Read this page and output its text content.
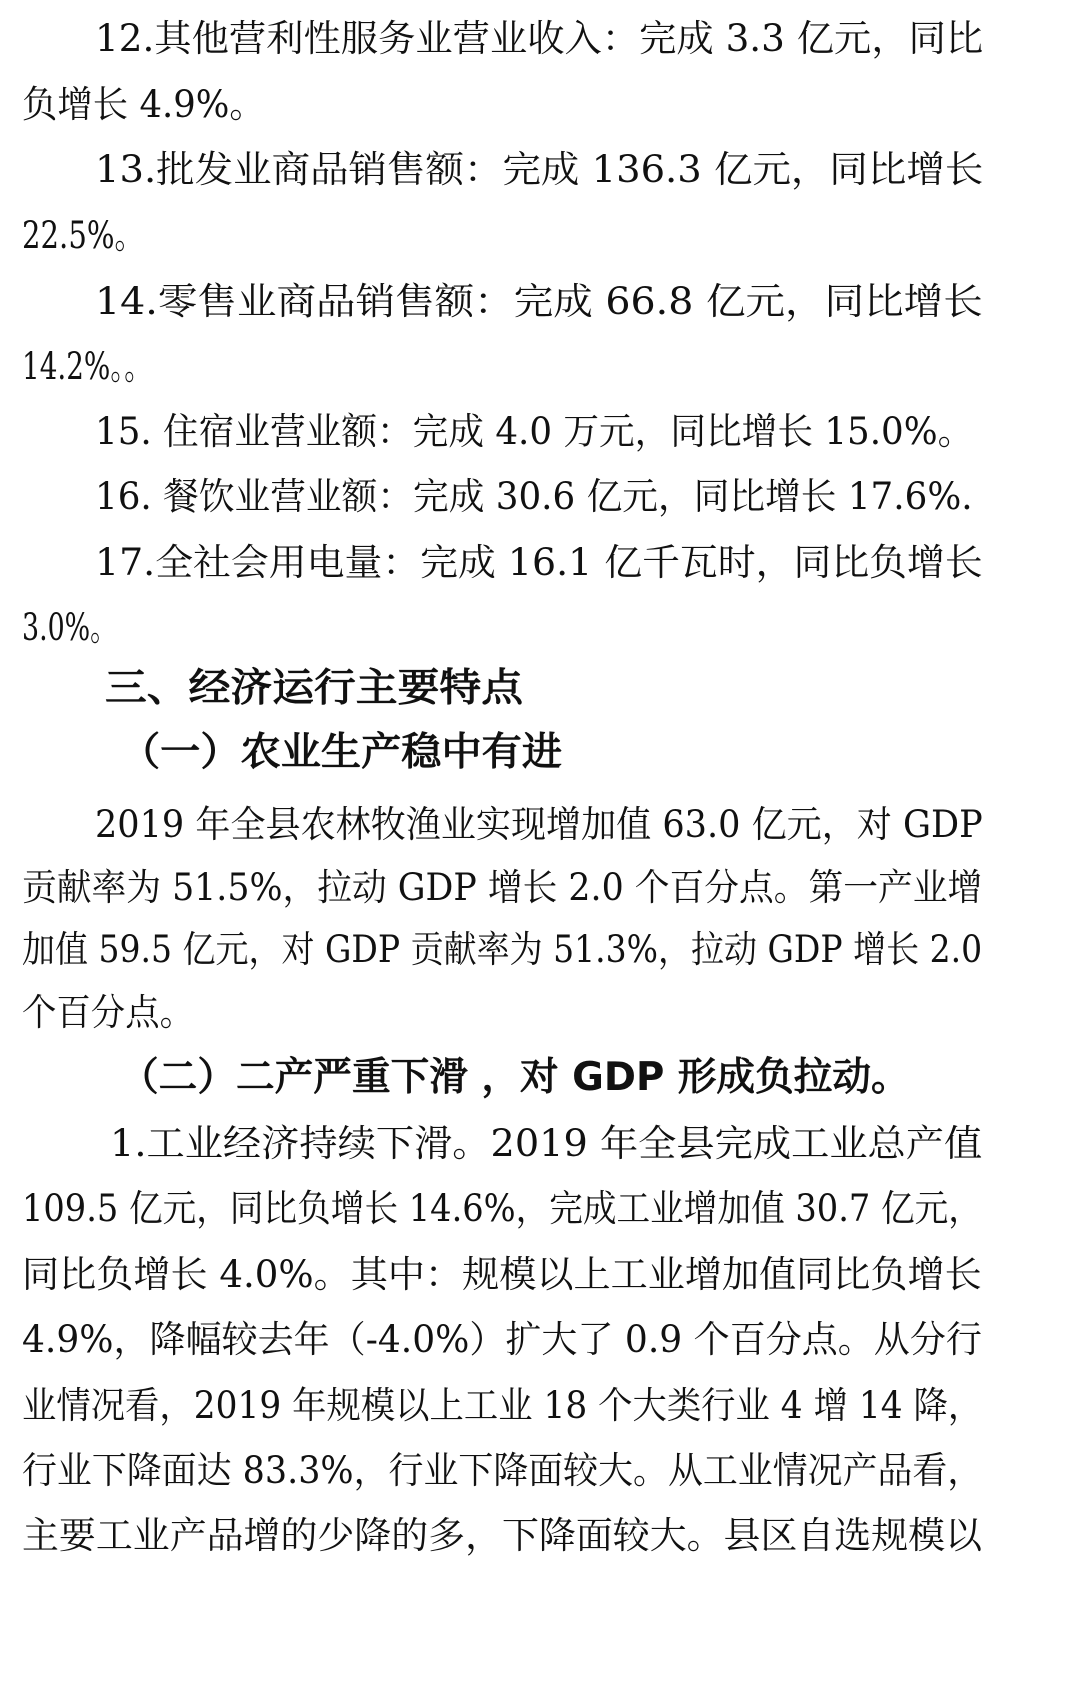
12.其他营利性服务业营业收入：完成 3.3 亿元，同比
负增长 4.9%。
13.批发业商品销售额：完成 136.3 亿元，同比增长
22.5%。
14.零售业商品销售额：完成 66.8 亿元，同比增长
14.2%。。
15. 住宿业营业额：完成 4.0 万元，同比增长 15.0%。
16. 餐饮业营业额：完成 30.6 亿元，同比增长 17.6%.
17.全社会用电量：完成 16.1 亿千瓦时，同比负增长
3.0%。
三、经济运行主要特点
（一）农业生产稳中有进
2019 年全县农林牧渔业实现增加值 63.0 亿元，对 GDP
贡献率为 51.5%，拉动 GDP 增长 2.0 个百分点。第一产业增
加值 59.5 亿元，对 GDP 贡献率为 51.3%，拉动 GDP 增长 2.0
个百分点。
（二）二产严重下滑 ，对 GDP 形成负拉动。
1.工业经济持续下滑。2019 年全县完成工业总产值
109.5 亿元，同比负增长 14.6%，完成工业增加值 30.7 亿元，
同比负增长 4.0%。其中：规模以上工业增加值同比负增长
4.9%，降幅较去年（-4.0%）扩大了 0.9 个百分点。从分行
业情况看，2019 年规模以上工业 18 个大类行业 4 增 14 降，
行业下降面达 83.3%，行业下降面较大。从工业情况产品看，
主要工业产品增的少降的多，下降面较大。县区自选规模以
